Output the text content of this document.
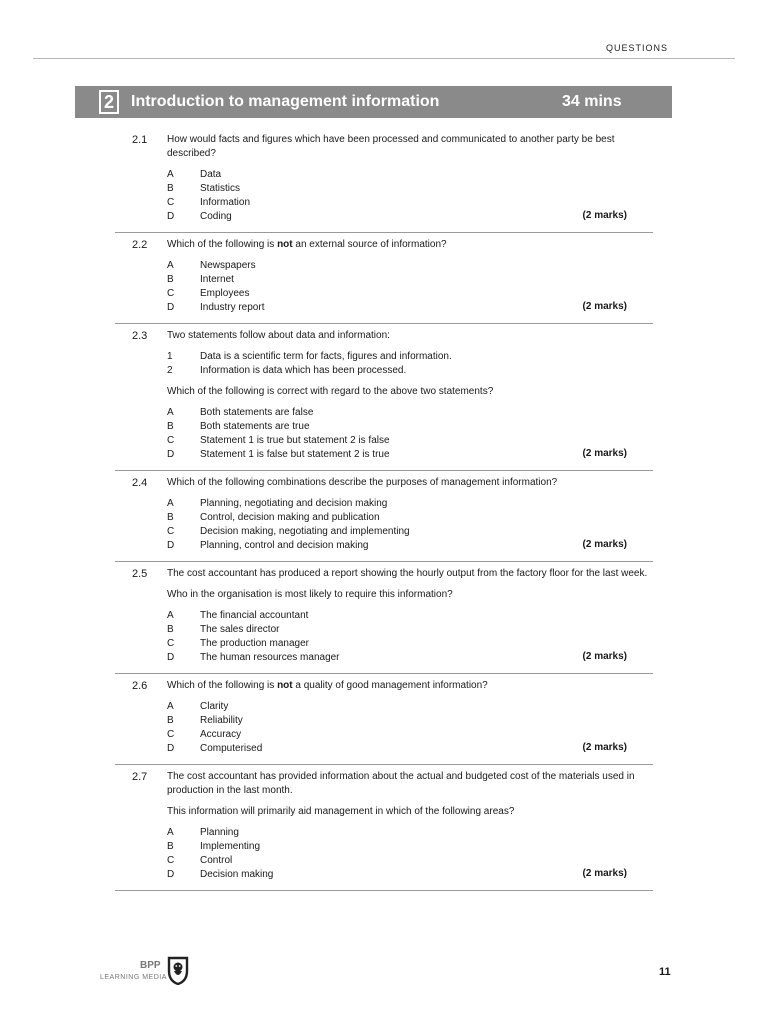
QUESTIONS
2	Introduction to management information	34 mins
2.1 How would facts and figures which have been processed and communicated to another party be best described?
A	Data
B	Statistics
C	Information
D	Coding	(2 marks)
2.2 Which of the following is not an external source of information?
A	Newspapers
B	Internet
C	Employees
D	Industry report	(2 marks)
2.3 Two statements follow about data and information:
1	Data is a scientific term for facts, figures and information.
2	Information is data which has been processed.
Which of the following is correct with regard to the above two statements?
A	Both statements are false
B	Both statements are true
C	Statement 1 is true but statement 2 is false
D	Statement 1 is false but statement 2 is true	(2 marks)
2.4 Which of the following combinations describe the purposes of management information?
A	Planning, negotiating and decision making
B	Control, decision making and publication
C	Decision making, negotiating and implementing
D	Planning, control and decision making	(2 marks)
2.5 The cost accountant has produced a report showing the hourly output from the factory floor for the last week.
Who in the organisation is most likely to require this information?
A	The financial accountant
B	The sales director
C	The production manager
D	The human resources manager	(2 marks)
2.6 Which of the following is not a quality of good management information?
A	Clarity
B	Reliability
C	Accuracy
D	Computerised	(2 marks)
2.7 The cost accountant has provided information about the actual and budgeted cost of the materials used in production in the last month.
This information will primarily aid management in which of the following areas?
A	Planning
B	Implementing
C	Control
D	Decision making	(2 marks)
BPP
LEARNING MEDIA	11
